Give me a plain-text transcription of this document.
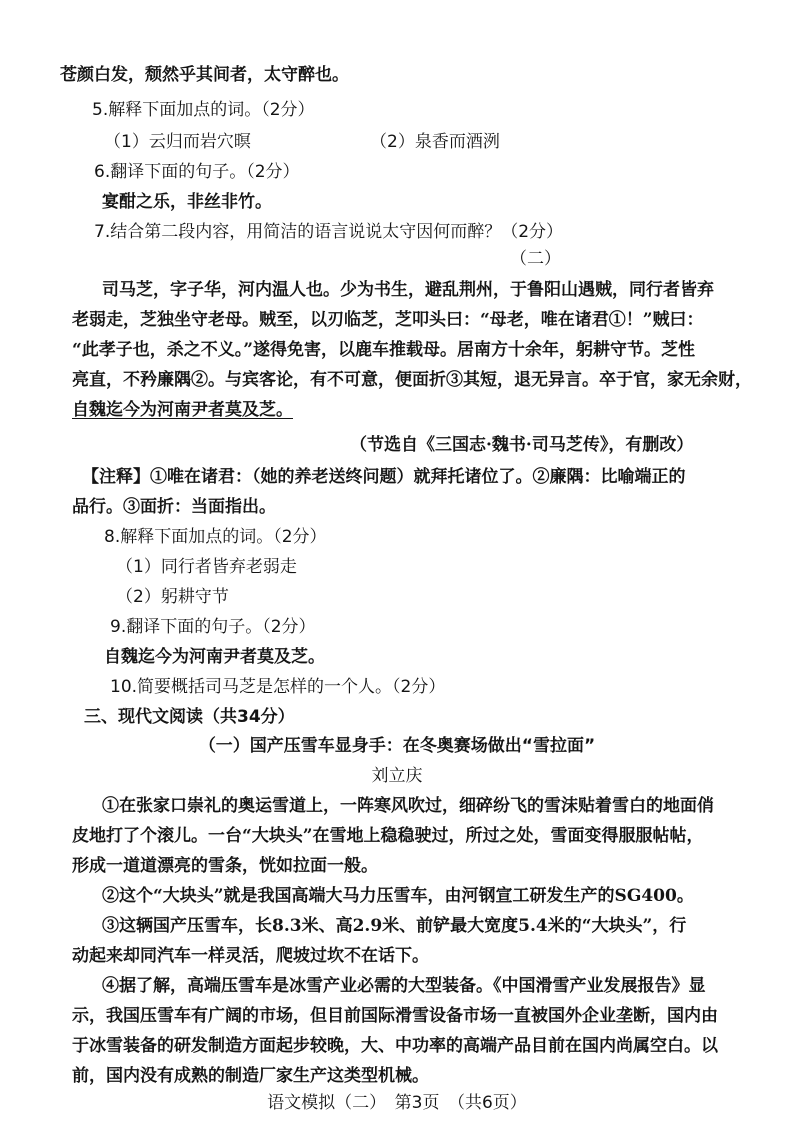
苍颜白发，颓然乎其间者，太守醉也。
5.解释下面加点的词。（2分）
（1）云归而岩穴暝	（2）泉香而酒洌
6.翻译下面的句子。（2分）
宴酣之乐，非丝非竹。
7.结合第二段内容，用简洁的语言说说太守因何而醉？（2分）
（二）
司马芝，字子华，河内温人也。少为书生，避乱荆州，于鲁阳山遇贼，同行者皆弃
老弱走，芝独坐守老母。贼至，以刃临芝，芝叩头曰：“母老，唯在诸君①！”贼曰：
“此孝子也，杀之不义。”遂得免害，以鹿车推载母。居南方十余年，躬耕守节。芝性
亮直，不矜廉隅②。与宾客论，有不可意，便面折③其短，退无异言。卒于官，家无余财，
自魏迄今为河南尹者莫及芝。
（节选自《三国志·魏书·司马芝传》，有删改）
【注释】①唯在诸君：（她的养老送终问题）就拜托诸位了。②廉隅：比喻端正的
品行。③面折：当面指出。
8.解释下面加点的词。（2分）
（1）同行者皆弃老弱走
（2）躬耕守节
9.翻译下面的句子。（2分）
自魏迄今为河南尹者莫及芝。
10.简要概括司马芝是怎样的一个人。（2分）
三、现代文阅读（共34分）
（一）国产压雪车显身手：在冬奥赛场做出“雪拉面”
刘立庆
①在张家口崇礼的奥运雪道上，一阵寒风吹过，细碎纷飞的雪沫贴着雪白的地面俏
皮地打了个滚儿。一台“大块头”在雪地上稳稳驶过，所过之处，雪面变得服服帖帖，
形成一道道漂亮的雪条，恍如拉面一般。
②这个“大块头”就是我国高端大马力压雪车，由河钢宣工研发生产的SG400。
③这辆国产压雪车，长8.3米、高2.9米、前铲最大宽度5.4米的“大块头”，行
动起来却同汽车一样灵活，爬坡过坎不在话下。
④据了解，高端压雪车是冰雪产业必需的大型装备。《中国滑雪产业发展报告》显
示，我国压雪车有广阔的市场，但目前国际滑雪设备市场一直被国外企业垄断，国内由
于冰雪装备的研发制造方面起步较晚，大、中功率的高端产品目前在国内尚属空白。以
前，国内没有成熟的制造厂家生产这类型机械。
语文模拟（二）　第3页　（共6页）
